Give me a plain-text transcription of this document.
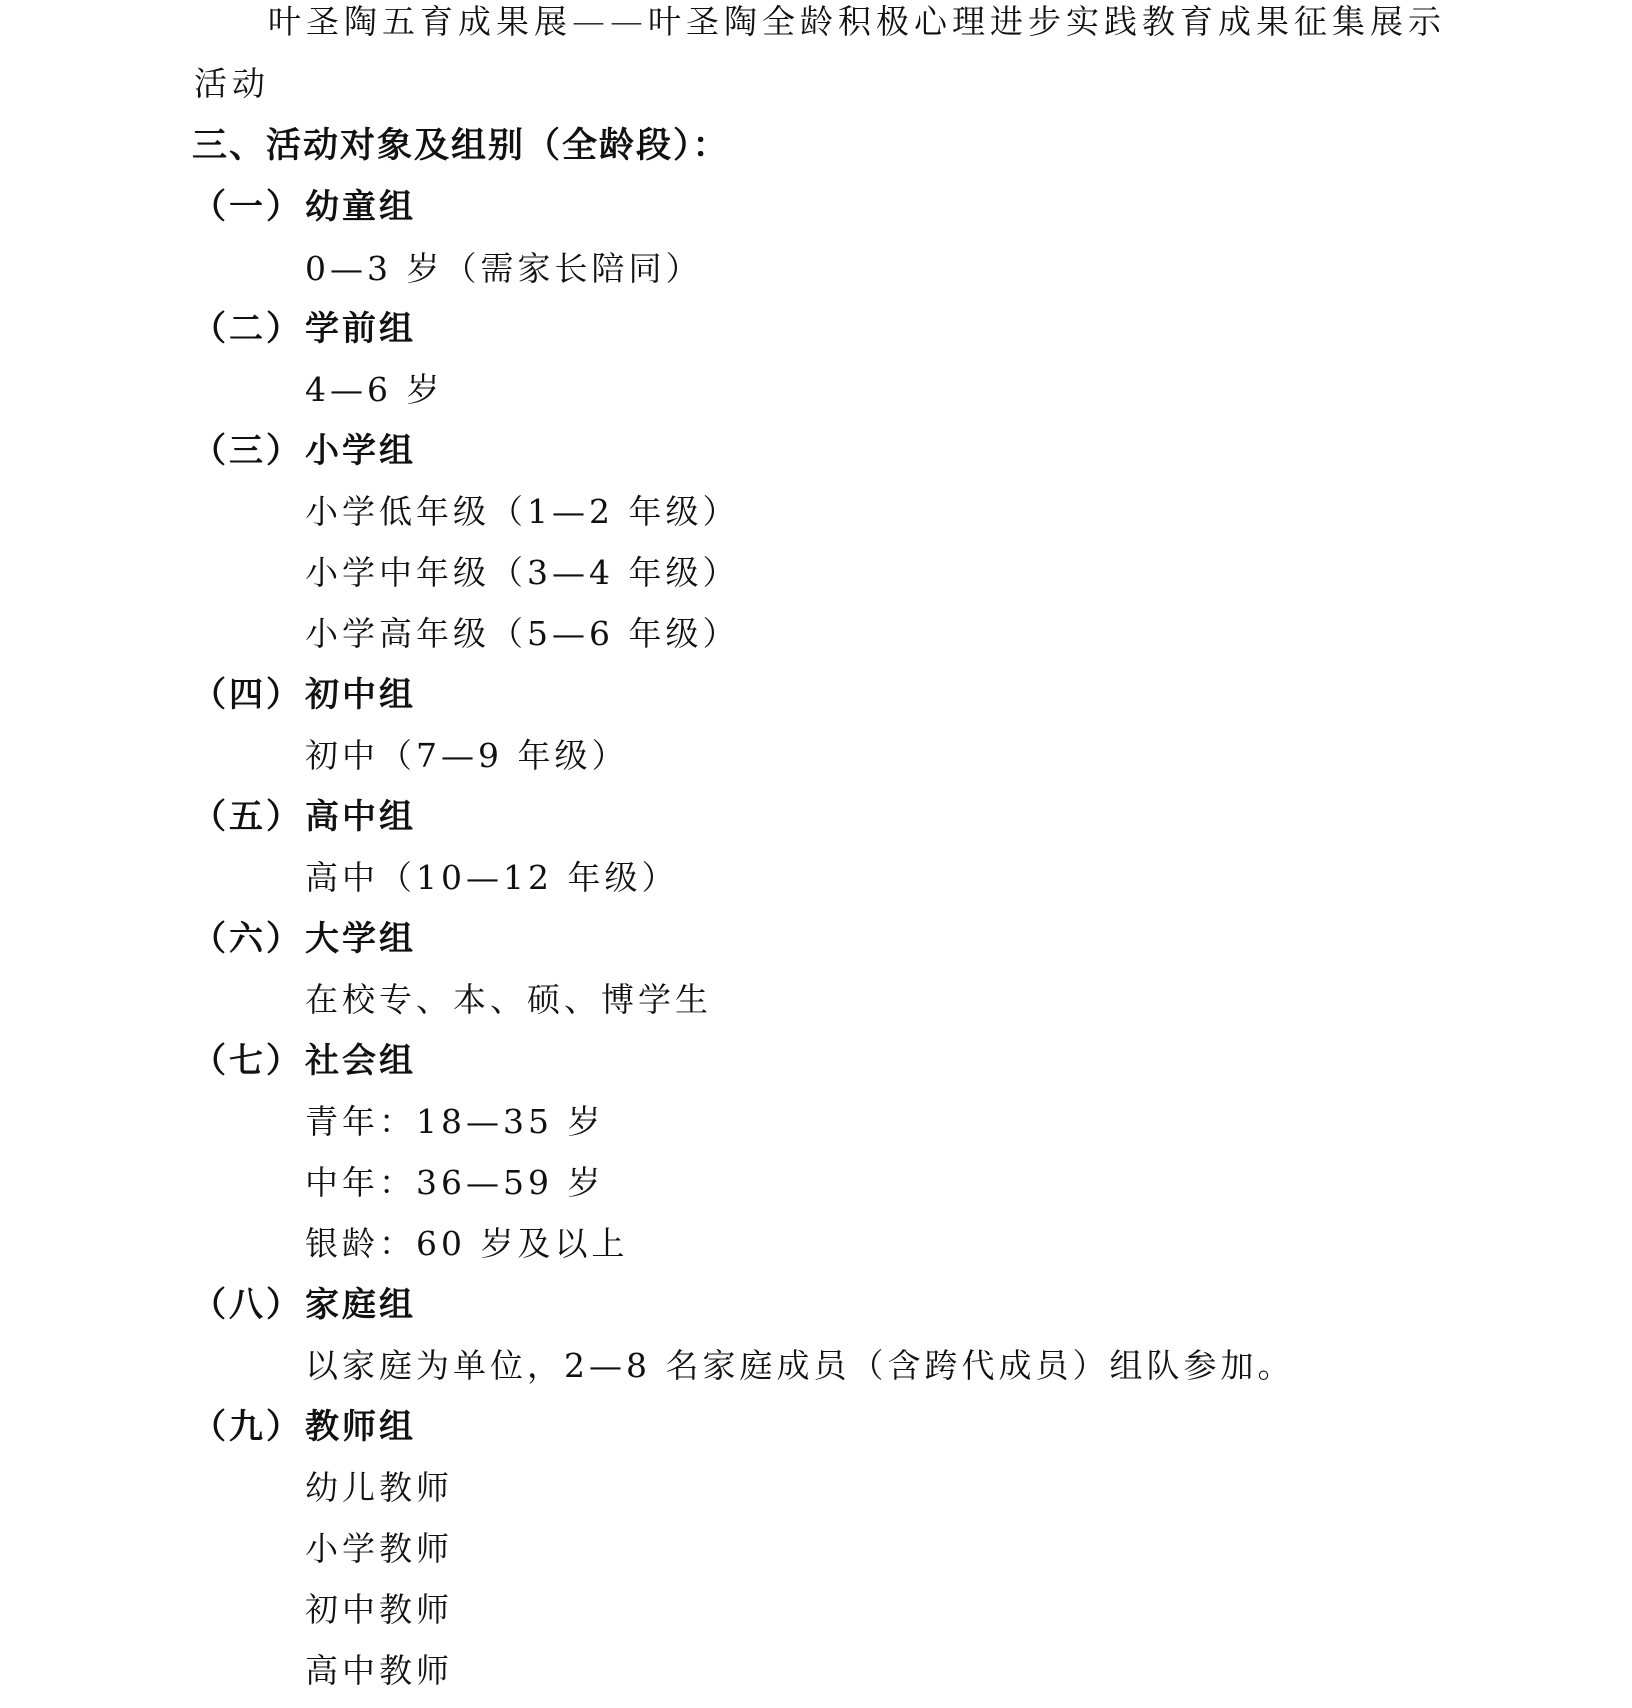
叶圣陶五育成果展——叶圣陶全龄积极心理进步实践教育成果征集展示
活动
三、活动对象及组别（全龄段）：
（一）幼童组
0—3 岁（需家长陪同）
（二）学前组
4—6 岁
（三）小学组
小学低年级（1—2 年级）
小学中年级（3—4 年级）
小学高年级（5—6 年级）
（四）初中组
初中（7—9 年级）
（五）高中组
高中（10—12 年级）
（六）大学组
在校专、本、硕、博学生
（七）社会组
青年：18—35 岁
中年：36—59 岁
银龄：60 岁及以上
（八）家庭组
以家庭为单位，2—8 名家庭成员（含跨代成员）组队参加。
（九）教师组
幼儿教师
小学教师
初中教师
高中教师
